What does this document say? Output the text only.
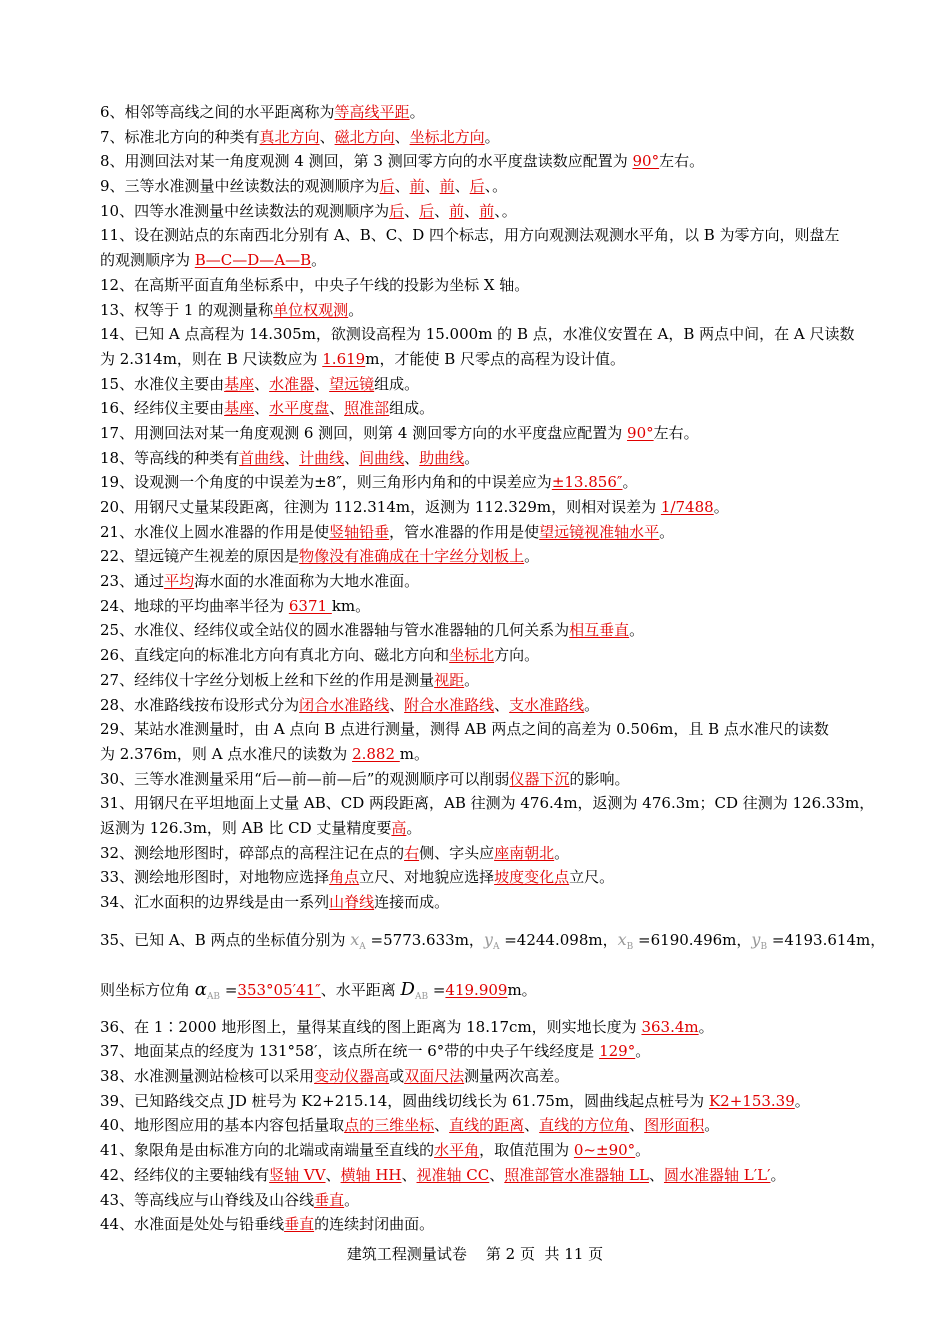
6、相邻等高线之间的水平距离称为等高线平距。
7、标准北方向的种类有真北方向、磁北方向、坐标北方向。
8、用测回法对某一角度观测 4 测回，第 3 测回零方向的水平度盘读数应配置为 90°左右。
9、三等水准测量中丝读数法的观测顺序为后、前、前、后、。
10、四等水准测量中丝读数法的观测顺序为后、后、前、前、。
11、设在测站点的东南西北分别有 A、B、C、D 四个标志，用方向观测法观测水平角，以 B 为零方向，则盘左
的观测顺序为 B—C—D—A—B。
12、在高斯平面直角坐标系中，中央子午线的投影为坐标 X 轴。
13、权等于 1 的观测量称单位权观测。
14、已知 A 点高程为 14.305m，欲测设高程为 15.000m 的 B 点，水准仪安置在 A，B 两点中间，在 A 尺读数
为 2.314m，则在 B 尺读数应为 1.619m，才能使 B 尺零点的高程为设计值。
15、水准仪主要由基座、水准器、望远镜组成。
16、经纬仪主要由基座、水平度盘、照准部组成。
17、用测回法对某一角度观测 6 测回，则第 4 测回零方向的水平度盘应配置为 90°左右。
18、等高线的种类有首曲线、计曲线、间曲线、助曲线。
19、设观测一个角度的中误差为±8″，则三角形内角和的中误差应为±13.856″。
20、用钢尺丈量某段距离，往测为 112.314m，返测为 112.329m，则相对误差为 1/7488。
21、水准仪上圆水准器的作用是使竖轴铅垂，管水准器的作用是使望远镜视准轴水平。
22、望远镜产生视差的原因是物像没有准确成在十字丝分划板上。
23、通过平均海水面的水准面称为大地水准面。
24、地球的平均曲率半径为 6371 km。
25、水准仪、经纬仪或全站仪的圆水准器轴与管水准器轴的几何关系为相互垂直。
26、直线定向的标准北方向有真北方向、磁北方向和坐标北方向。
27、经纬仪十字丝分划板上丝和下丝的作用是测量视距。
28、水准路线按布设形式分为闭合水准路线、附合水准路线、支水准路线。
29、某站水准测量时，由 A 点向 B 点进行测量，测得 AB 两点之间的高差为 0.506m，且 B 点水准尺的读数
为 2.376m，则 A 点水准尺的读数为 2.882 m。
30、三等水准测量采用“后—前—前—后”的观测顺序可以削弱仪器下沉的影响。
31、用钢尺在平坦地面上丈量 AB、CD 两段距离，AB 往测为 476.4m，返测为 476.3m；CD 往测为 126.33m，
返测为 126.3m，则 AB 比 CD 丈量精度要高。
32、测绘地形图时，碎部点的高程注记在点的右侧、字头应座南朝北。
33、测绘地形图时，对地物应选择角点立尺、对地貌应选择坡度变化点立尺。
34、汇水面积的边界线是由一系列山脊线连接而成。
35、已知 A、B 两点的坐标值分别为 $x_A =5773.633m$，$y_A =4244.098m$，$x_B =6190.496m$，$y_B =4193.614m$，
则坐标方位角 $\alpha_{AB} =353^\circ 05'41''$、水平距离 $D_{AB} =419.909m$。
36、在 1∶2000 地形图上，量得某直线的图上距离为 18.17cm，则实地长度为 363.4m。
37、地面某点的经度为 131°58′，该点所在统一 6°带的中央子午线经度是 129°。
38、水准测量测站检核可以采用变动仪器高或双面尺法测量两次高差。
39、已知路线交点 JD 桩号为 K2+215.14，圆曲线切线长为 61.75m，圆曲线起点桩号为 K2+153.39。
40、地形图应用的基本内容包括量取点的三维坐标、直线的距离、直线的方位角、图形面积。
41、象限角是由标准方向的北端或南端量至直线的水平角，取值范围为 0~±90°。
42、经纬仪的主要轴线有竖轴 VV、横轴 HH、视准轴 CC、照准部管水准器轴 LL、圆水准器轴 L′L′。
43、等高线应与山脊线及山谷线垂直。
44、水准面是处处与铅垂线垂直的连续封闭曲面。
建筑工程测量试卷    第 2 页  共 11 页
